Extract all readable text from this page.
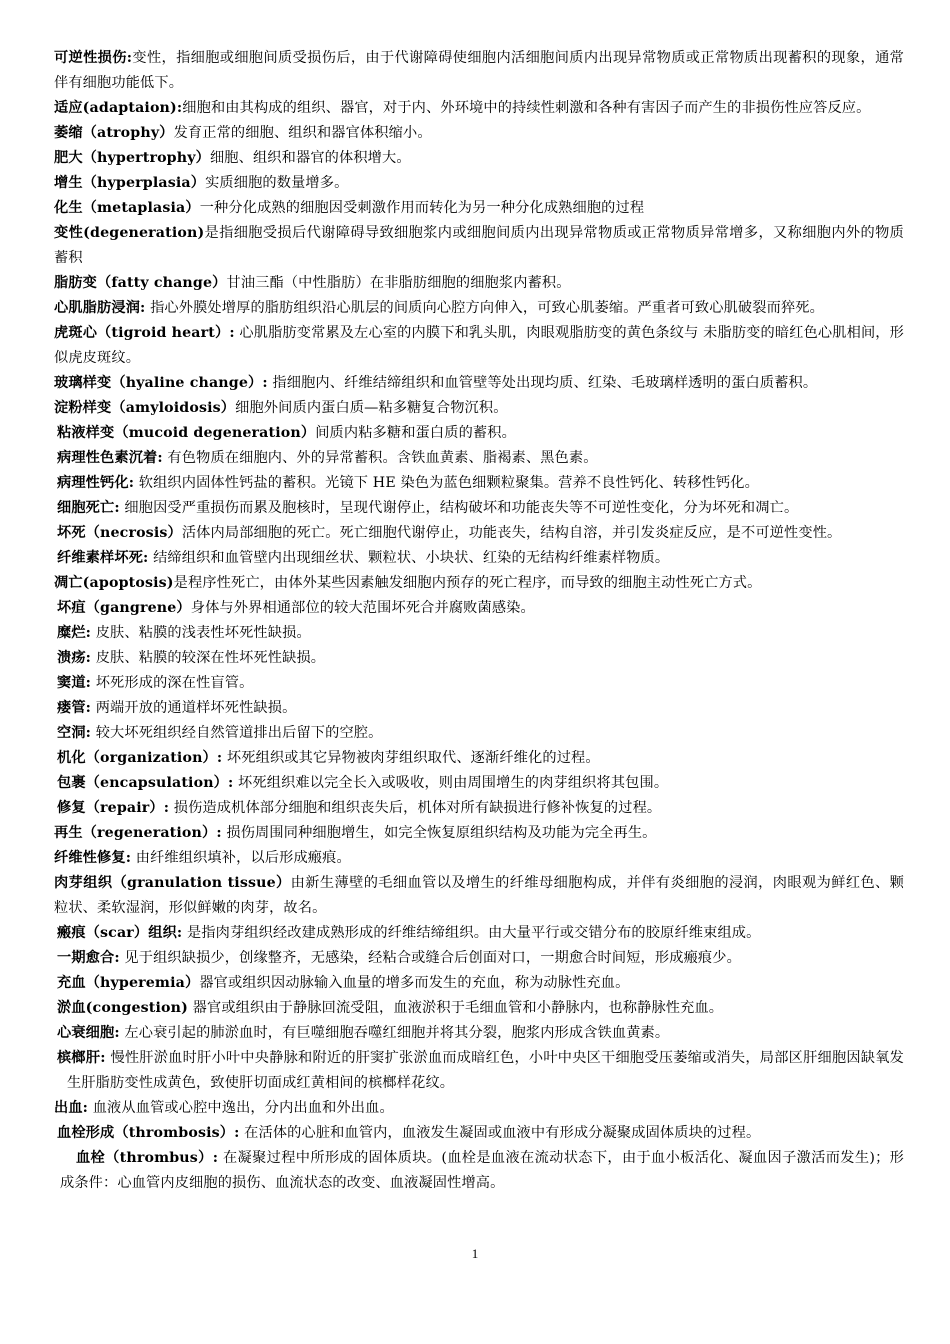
可逆性损伤:变性，指细胞或细胞间质受损伤后，由于代谢障碍使细胞内活细胞间质内出现异常物质或正常物质出现蓄积的现象，通常伴有细胞功能低下。

适应(adaptaion):细胞和由其构成的组织、器官，对于内、外环境中的持续性刺激和各种有害因子而产生的非损伤性应答反应。

萎缩（atrophy）发育正常的细胞、组织和器官体积缩小。

肥大（hypertrophy）细胞、组织和器官的体积增大。

增生（hyperplasia）实质细胞的数量增多。

化生（metaplasia）一种分化成熟的细胞因受刺激作用而转化为另一种分化成熟细胞的过程

变性(degeneration)是指细胞受损后代谢障碍导致细胞浆内或细胞间质内出现异常物质或正常物质异常增多，又称细胞内外的物质蓄积

脂肪变（fatty change）甘油三酯（中性脂肪）在非脂肪细胞的细胞浆内蓄积。

心肌脂肪浸润: 指心外膜处增厚的脂肪组织沿心肌层的间质向心腔方向伸入，可致心肌萎缩。严重者可致心肌破裂而猝死。

虎斑心（tigroid heart）: 心肌脂肪变常累及左心室的内膜下和乳头肌，肉眼观脂肪变的黄色条纹与 未脂肪变的暗红色心肌相间，形似虎皮斑纹。

玻璃样变（hyaline change）: 指细胞内、纤维结缔组织和血管壁等处出现均质、红染、毛玻璃样透明的蛋白质蓄积。

淀粉样变（amyloidosis）细胞外间质内蛋白质—粘多糖复合物沉积。

粘液样变（mucoid degeneration）间质内粘多糖和蛋白质的蓄积。

病理性色素沉着: 有色物质在细胞内、外的异常蓄积。含铁血黄素、脂褐素、黑色素。

病理性钙化: 软组织内固体性钙盐的蓄积。光镜下 HE 染色为蓝色细颗粒聚集。营养不良性钙化、转移性钙化。

细胞死亡: 细胞因受严重损伤而累及胞核时，呈现代谢停止，结构破坏和功能丧失等不可逆性变化，分为坏死和凋亡。

坏死（necrosis）活体内局部细胞的死亡。死亡细胞代谢停止，功能丧失，结构自溶，并引发炎症反应，是不可逆性变性。

纤维素样坏死: 结缔组织和血管壁内出现细丝状、颗粒状、小块状、红染的无结构纤维素样物质。

凋亡(apoptosis)是程序性死亡，由体外某些因素触发细胞内预存的死亡程序，而导致的细胞主动性死亡方式。

坏疽（gangrene）身体与外界相通部位的较大范围坏死合并腐败菌感染。

糜烂: 皮肤、粘膜的浅表性坏死性缺损。

溃疡: 皮肤、粘膜的较深在性坏死性缺损。

窦道: 坏死形成的深在性盲管。

瘘管: 两端开放的通道样坏死性缺损。

空洞: 较大坏死组织经自然管道排出后留下的空腔。

机化（organization）: 坏死组织或其它异物被肉芽组织取代、逐渐纤维化的过程。

包裹（encapsulation）: 坏死组织难以完全长入或吸收，则由周围增生的肉芽组织将其包围。

修复（repair）: 损伤造成机体部分细胞和组织丧失后，机体对所有缺损进行修补恢复的过程。

再生（regeneration）: 损伤周围同种细胞增生，如完全恢复原组织结构及功能为完全再生。

纤维性修复: 由纤维组织填补，以后形成瘢痕。

肉芽组织（granulation tissue）由新生薄壁的毛细血管以及增生的纤维母细胞构成，并伴有炎细胞的浸润，肉眼观为鲜红色、颗粒状、柔软湿润，形似鲜嫩的肉芽，故名。

瘢痕（scar）组织: 是指肉芽组织经改建成熟形成的纤维结缔组织。由大量平行或交错分布的胶原纤维束组成。

一期愈合: 见于组织缺损少，创缘整齐，无感染，经粘合或缝合后创面对口，一期愈合时间短，形成瘢痕少。

充血（hyperemia）器官或组织因动脉输入血量的增多而发生的充血，称为动脉性充血。

淤血(congestion) 器官或组织由于静脉回流受阻，血液淤积于毛细血管和小静脉内，也称静脉性充血。

心衰细胞: 左心衰引起的肺淤血时，有巨噬细胞吞噬红细胞并将其分裂，胞浆内形成含铁血黄素。

槟榔肝: 慢性肝淤血时肝小叶中央静脉和附近的肝窦扩张淤血而成暗红色，小叶中央区干细胞受压萎缩或消失，局部区肝细胞因缺氧发生肝脂肪变性成黄色，致使肝切面成红黄相间的槟榔样花纹。

出血: 血液从血管或心腔中逸出，分内出血和外出血。

血栓形成（thrombosis）: 在活体的心脏和血管内，血液发生凝固或血液中有形成分凝聚成固体质块的过程。

血栓（thrombus）: 在凝聚过程中所形成的固体质块。(血栓是血液在流动状态下，由于血小板活化、凝血因子激活而发生)；形成条件：心血管内皮细胞的损伤、血流状态的改变、血液凝固性增高。

1
